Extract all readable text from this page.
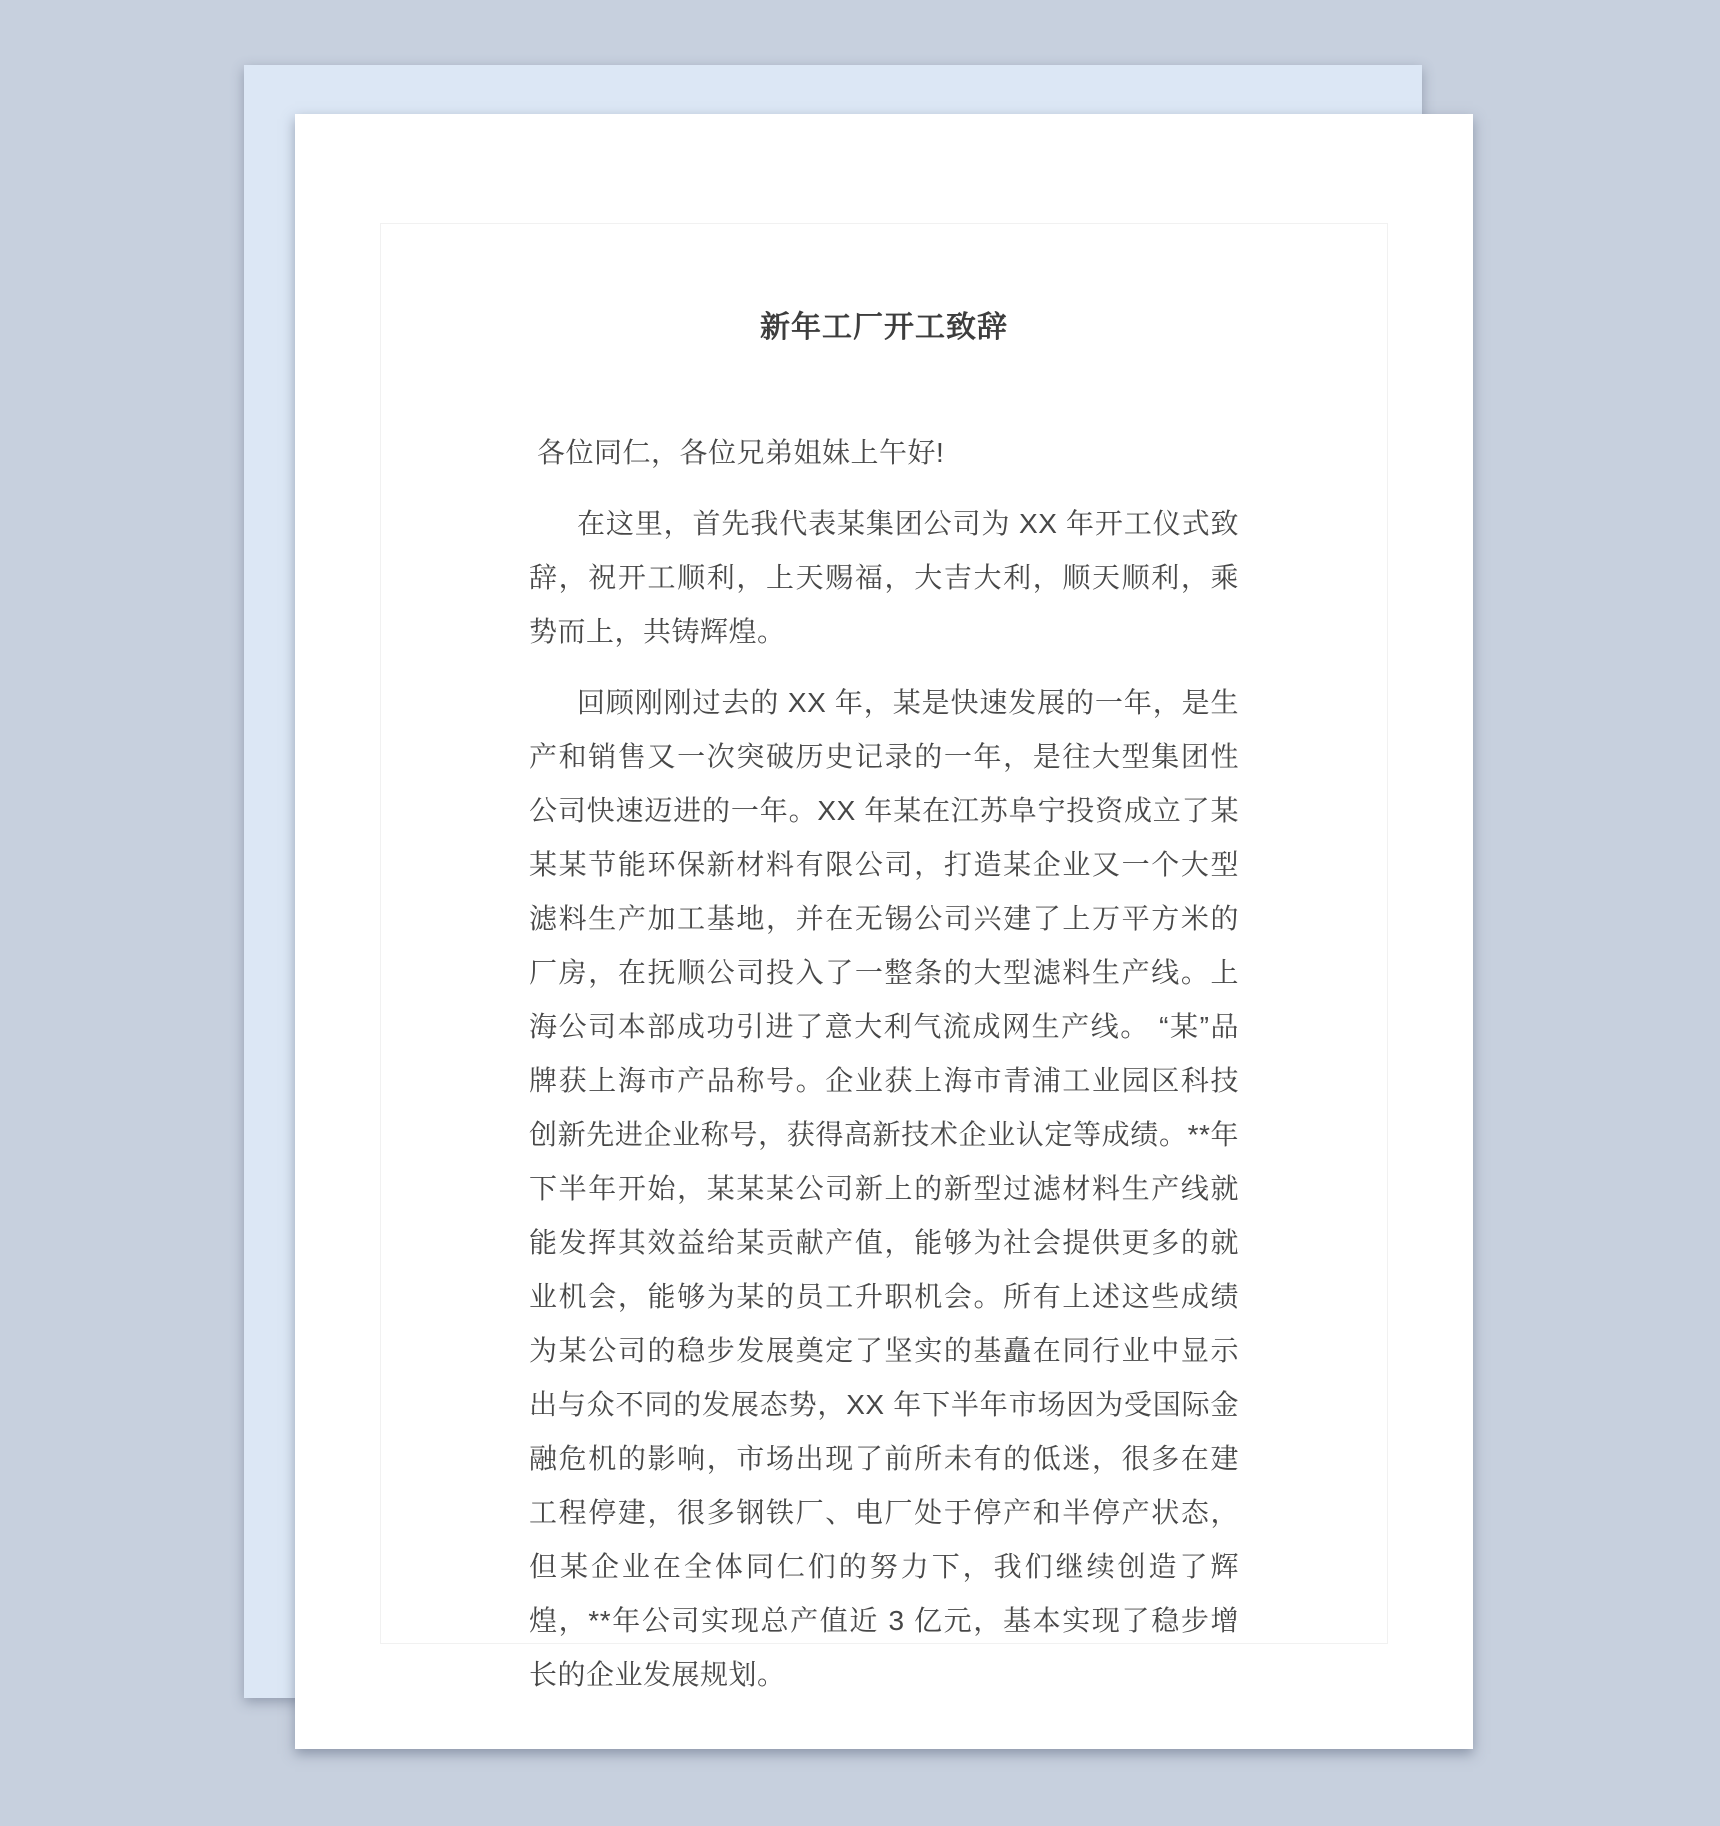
新年工厂开工致辞

各位同仁，各位兄弟姐妹上午好!

在这里，首先我代表某集团公司为 XX 年开工仪式致辞，祝开工顺利，上天赐福，大吉大利，顺天顺利，乘势而上，共铸辉煌。

回顾刚刚过去的 XX 年，某是快速发展的一年，是生产和销售又一次突破历史记录的一年，是往大型集团性公司快速迈进的一年。XX 年某在江苏阜宁投资成立了某某某节能环保新材料有限公司，打造某企业又一个大型滤料生产加工基地，并在无锡公司兴建了上万平方米的厂房，在抚顺公司投入了一整条的大型滤料生产线。上海公司本部成功引进了意大利气流成网生产线。 “某”品牌获上海市产品称号。企业获上海市青浦工业园区科技创新先进企业称号，获得高新技术企业认定等成绩。**年下半年开始，某某某公司新上的新型过滤材料生产线就能发挥其效益给某贡献产值，能够为社会提供更多的就业机会，能够为某的员工升职机会。所有上述这些成绩为某公司的稳步发展奠定了坚实的基矗在同行业中显示出与众不同的发展态势，XX 年下半年市场因为受国际金融危机的影响，市场出现了前所未有的低迷，很多在建工程停建，很多钢铁厂、电厂处于停产和半停产状态，但某企业在全体同仁们的努力下，我们继续创造了辉煌，**年公司实现总产值近 3 亿元，基本实现了稳步增长的企业发展规划。
